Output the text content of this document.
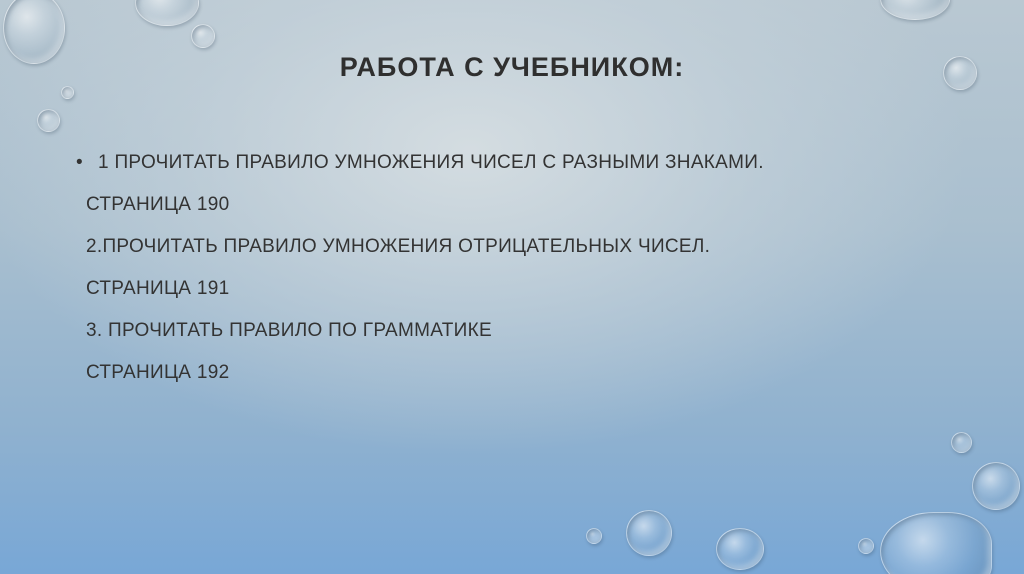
РАБОТА С УЧЕБНИКОМ:
• 1 ПРОЧИТАТЬ ПРАВИЛО УМНОЖЕНИЯ ЧИСЕЛ С РАЗНЫМИ ЗНАКАМИ.
СТРАНИЦА 190
2.ПРОЧИТАТЬ ПРАВИЛО УМНОЖЕНИЯ ОТРИЦАТЕЛЬНЫХ ЧИСЕЛ.
СТРАНИЦА 191
3. ПРОЧИТАТЬ ПРАВИЛО ПО ГРАММАТИКЕ
СТРАНИЦА 192
